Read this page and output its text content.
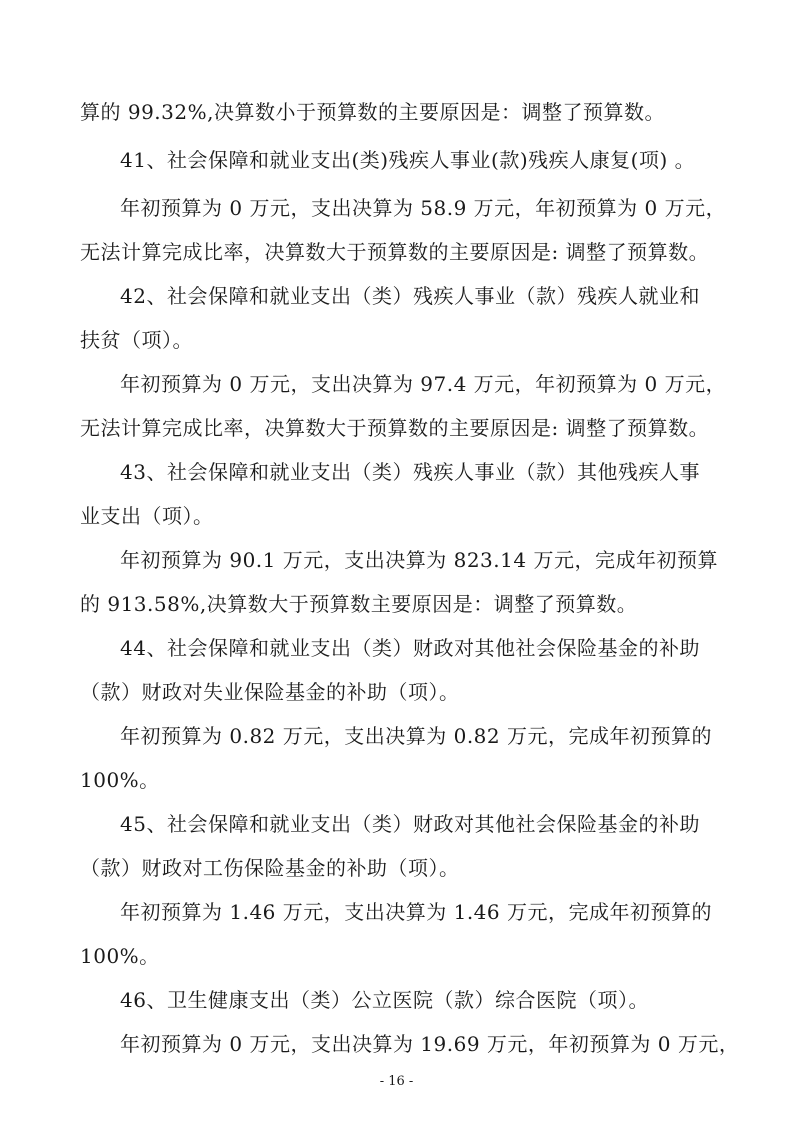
算的 99.32%,决算数小于预算数的主要原因是：调整了预算数。
41、社会保障和就业支出(类)残疾人事业(款)残疾人康复(项) 。
年初预算为 0 万元，支出决算为 58.9 万元，年初预算为 0 万元，
无法计算完成比率，决算数大于预算数的主要原因是: 调整了预算数。
42、社会保障和就业支出（类）残疾人事业（款）残疾人就业和
扶贫（项）。
年初预算为 0 万元，支出决算为 97.4 万元，年初预算为 0 万元，
无法计算完成比率，决算数大于预算数的主要原因是: 调整了预算数。
43、社会保障和就业支出（类）残疾人事业（款）其他残疾人事
业支出（项）。
年初预算为 90.1 万元，支出决算为 823.14 万元，完成年初预算
的 913.58%,决算数大于预算数主要原因是：调整了预算数。
44、社会保障和就业支出（类）财政对其他社会保险基金的补助
（款）财政对失业保险基金的补助（项）。
年初预算为 0.82 万元，支出决算为 0.82 万元，完成年初预算的
100%。
45、社会保障和就业支出（类）财政对其他社会保险基金的补助
（款）财政对工伤保险基金的补助（项）。
年初预算为 1.46 万元，支出决算为 1.46 万元，完成年初预算的
100%。
46、卫生健康支出（类）公立医院（款）综合医院（项）。
年初预算为 0 万元，支出决算为 19.69 万元，年初预算为 0 万元，
- 16 -
